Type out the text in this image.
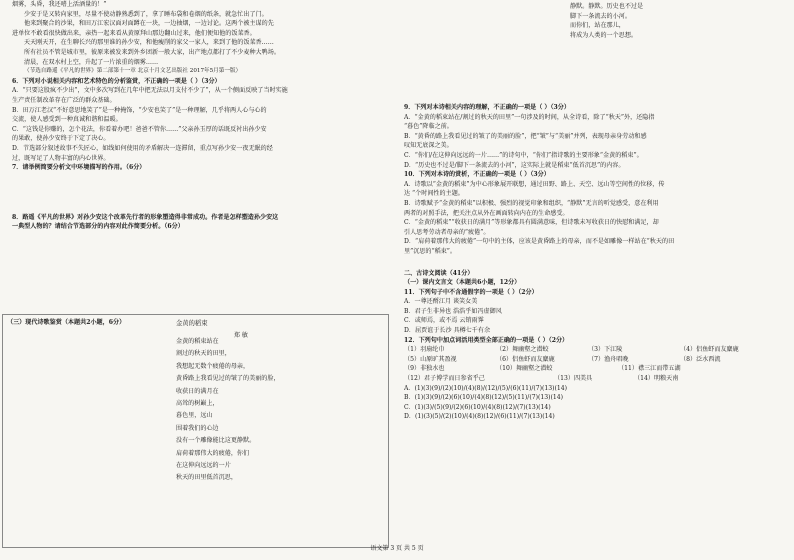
烟雾，头昏，我还嗜上活酒量的！”
少安于是又转向家里，尽量不使动静熟悉到了，拿了睡布袋和卷烟的纸条，就急忙出了门。
他来到聚合的沙果，和田万江宏汉面对面蹲在一块，一边抽烟，一边讨论。这两个被主谋的先
进单位不敢看很快做出来，亲热一起来看从黄原拜山那边翻山过来，他们便知他的饭菜香。
天天刚天开，在生聊长兴的那里谁的孙少安，和他瘦削的家父一家人，来到了他的饭菜香……
所有社员不管是城市里，彼原来被发来到外乡团新一般大家，出产地点都打了不少麦种大鸭场。
清晨，在双水村上空，升起了一片浓重的烟雾……
（节选自路遥《平凡的世界》第二部第十一章 北京十月文艺出版社 2017年5月第一版）
6．下列对小说相关内容和艺术特色的分析鉴赏，不正确的一项是（ ）（3分）
A．“只要这股疯不少出”，文中多次写到在几年中把无法以月支付不少了”，从一个侧面反映了当时实施
生产责任制改革存在广泛的群众基础。
B．田万江老汉“不好意思地笑了”是一种掩饰，“少安也笑了”是一种理解，几乎将两人心与心的
交流，使人感受到一种真诚和谐和温暖。
C．“这钱是你赚的，怎个花法，你看着办吧！爸爸不管你……”父亲孙玉厚的话既反衬出孙少安
的果敢，使孙少安终于下定了决心。
D．节选部分叙述故事不失匠心，如线如何使用的矛盾解决一连滞留，重点写孙少安一夜无眠的经
过，既写足了人物丰富的内心世界。
7．请举例简要分析文中环境描写的作用。（6分）
8．路遥《平凡的世界》对孙少安这个改革先行者的形象塑造得非常成功。作者是怎样塑造孙少安这
一典型人物的？请结合节选部分的内容对此作简要分析。（6分）
（三）现代诗歌鉴赏（本题共2小题，6分）	金黄的稻束
郑 敏
金黄的稻束站在
割过的秋天的田里，
我想起无数个疲倦的母亲，
黄昏路上我看见过的皱了的美丽的脸，
收获日的满月在
高耸的树巅上，
暮色里，远山
围着我们的心边
没有一个雕像能比这更静默。
肩荷着那伟大的疲倦，你们
在这伸向远远的一片
秋天的田里低首沉思，
静默。静默。历史也不过是
脚下一条流去的小河。
而你们，站在那儿，
将成为人类的一个思想。
9．下列对本诗相关内容的理解，不正确的一项是（ ）（3分）
A．“金黄的稻束站在/割过的秋天的田里”一句涉及的时间，从全诗看，除了“秋天”外，还隐指
“暮色”降临之前。
B．“黄昏的路上我看见过的皱了的美丽的脸”，把“皱”与“美丽”并列，表现母亲身劳动和感
叹知无底深之美。
C．“你们/在这伸向远远的一片……”的诗句中，“你们”指诗歌的主要形象“金黄的稻束”。
D．“历史也不过是/脚下一条流去的小河”，这实际上就是稻束“低首沉思”的内容。
10．下列对本诗的赏析，不正确的一项是（ ）（3分）
A．诗歌以“金黄的稻束”为中心形象展开联想，通过田野、路上、天空、远山等空间性的位移，传
达 “个时间性的主题。
B．诗歌赋予“金黄的稻束”以积极、强烈的视觉印象和组织，“静默”无言的听觉感受，意在利用
两者的对照手法，把关注点从外在画面转向内在的生命感受。
C．“金黄的稻束”“收获日的满月”等形象都具有圆满意味，但诗歌未写收获日的快慰和满足，却
引人思考劳动者母亲的“疲倦”。
D．“肩荷着那伟大的疲倦”一句中的主体，应该是黄昏路上的母亲，而不是如雕像一样站在“秋天的田
里”沉思的“稻束”。
二、古诗文阅读（41分）
（一）课内文言文（本题共6小题，12分）
11．下列句子中不含通假字的一项是（ ）（2分）
A．一尊还酹江月 谈笑女美
B．君子生非异也 浩浩乎如冯虚御风
C．或师焉，或不焉 云销雨霁
D．屈贾谊于长沙 具樽七千有余
12．下列句中加点词活用类型全部正确的一项是（ ）（2分）
（1）羽扇纶巾	（2）舞幽壑之潜蛟	（3）下江陵	（4）侣鱼虾而友麋鹿
（5）山原旷其盈视	（6）侣鱼虾而友麋鹿	（7）渔舟唱晚	（8）泛水西流
（9）非独水也	（10）舞幽壑之潜蛟	（11）襟三江而带五湖
（12）君子博学而日参省乎己	（13）四美具	（14）明粮天南
A．(1)(3)(9)/(2)(10)/(4)(8)/(12)/(5)/(6)(11)/(7)(13)(14)
B．(1)(3)(9)/(2)(6)(10)/(4)(8)(12)/(5)(11)/(7)(13)(14)
C．(1)(3)/(5)(9)/(2)(6)(10)/(4)(8)(12)/(7)(13)(14)
D．(1)(3)(5)/(2)(10)/(4)(8)(12)/(6)(11)/(7)(13)(14)
语文第 3 页 共 5 页
